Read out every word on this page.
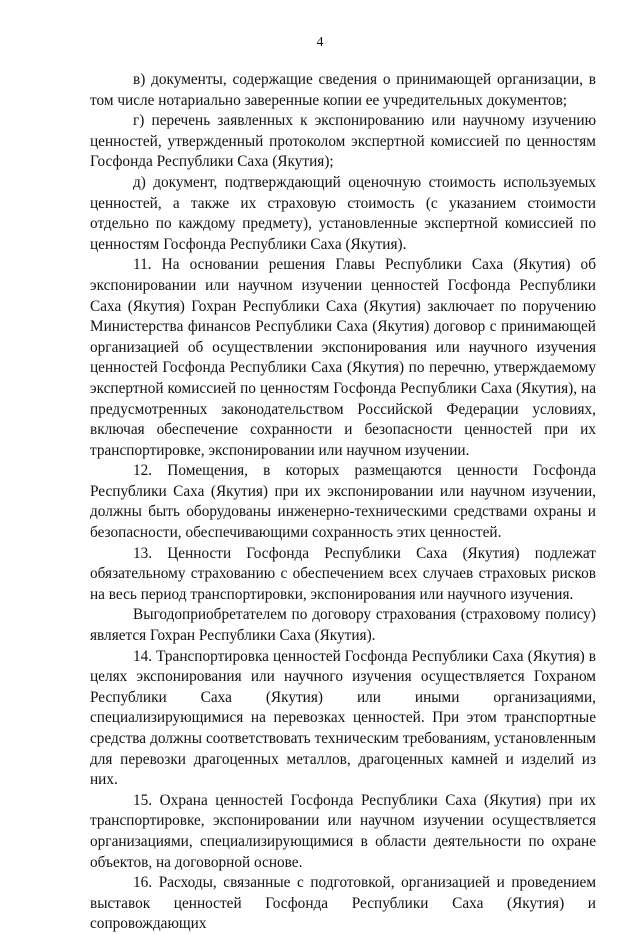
4

в) документы, содержащие сведения о принимающей организации, в том числе нотариально заверенные копии ее учредительных документов;

г) перечень заявленных к экспонированию или научному изучению ценностей, утвержденный протоколом экспертной комиссией по ценностям Госфонда Республики Саха (Якутия);

д) документ, подтверждающий оценочную стоимость используемых ценностей, а также их страховую стоимость (с указанием стоимости отдельно по каждому предмету), установленные экспертной комиссией по ценностям Госфонда Республики Саха (Якутия).

11. На основании решения Главы Республики Саха (Якутия) об экспонировании или научном изучении ценностей Госфонда Республики Саха (Якутия) Гохран Республики Саха (Якутия) заключает по поручению Министерства финансов Республики Саха (Якутия) договор с принимающей организацией об осуществлении экспонирования или научного изучения ценностей Госфонда Республики Саха (Якутия) по перечню, утверждаемому экспертной комиссией по ценностям Госфонда Республики Саха (Якутия), на предусмотренных законодательством Российской Федерации условиях, включая обеспечение сохранности и безопасности ценностей при их транспортировке, экспонировании или научном изучении.

12. Помещения, в которых размещаются ценности Госфонда Республики Саха (Якутия) при их экспонировании или научном изучении, должны быть оборудованы инженерно-техническими средствами охраны и безопасности, обеспечивающими сохранность этих ценностей.

13. Ценности Госфонда Республики Саха (Якутия) подлежат обязательному страхованию с обеспечением всех случаев страховых рисков на весь период транспортировки, экспонирования или научного изучения.

Выгодоприобретателем по договору страхования (страховому полису) является Гохран Республики Саха (Якутия).

14. Транспортировка ценностей Госфонда Республики Саха (Якутия) в целях экспонирования или научного изучения осуществляется Гохраном Республики Саха (Якутия) или иными организациями, специализирующимися на перевозках ценностей. При этом транспортные средства должны соответствовать техническим требованиям, установленным для перевозки драгоценных металлов, драгоценных камней и изделий из них.

15. Охрана ценностей Госфонда Республики Саха (Якутия) при их транспортировке, экспонировании или научном изучении осуществляется организациями, специализирующимися в области деятельности по охране объектов, на договорной основе.

16. Расходы, связанные с подготовкой, организацией и проведением выставок ценностей Госфонда Республики Саха (Якутия) и сопровождающих
